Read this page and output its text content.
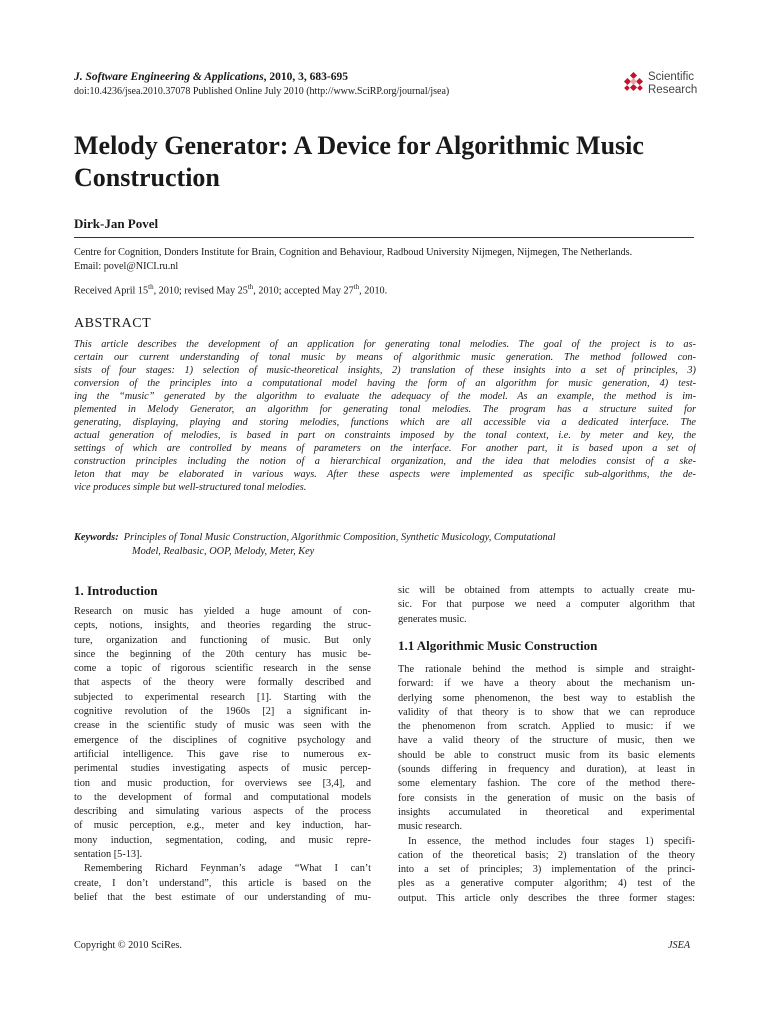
J. Software Engineering & Applications, 2010, 3, 683-695
doi:10.4236/jsea.2010.37078 Published Online July 2010 (http://www.SciRP.org/journal/jsea)
Scientific
Research
Melody Generator: A Device for Algorithmic Music Construction
Dirk-Jan Povel
Centre for Cognition, Donders Institute for Brain, Cognition and Behaviour, Radboud University Nijmegen, Nijmegen, The Netherlands.
Email: povel@NICI.ru.nl
Received April 15th, 2010; revised May 25th, 2010; accepted May 27th, 2010.
ABSTRACT
This article describes the development of an application for generating tonal melodies. The goal of the project is to as-
certain our current understanding of tonal music by means of algorithmic music generation. The method followed con-
sists of four stages: 1) selection of music-theoretical insights, 2) translation of these insights into a set of principles, 3)
conversion of the principles into a computational model having the form of an algorithm for music generation, 4) test-
ing the “music” generated by the algorithm to evaluate the adequacy of the model. As an example, the method is im-
plemented in Melody Generator, an algorithm for generating tonal melodies. The program has a structure suited for
generating, displaying, playing and storing melodies, functions which are all accessible via a dedicated interface. The
actual generation of melodies, is based in part on constraints imposed by the tonal context, i.e. by meter and key, the
settings of which are controlled by means of parameters on the interface. For another part, it is based upon a set of
construction principles including the notion of a hierarchical organization, and the idea that melodies consist of a ske-
leton that may be elaborated in various ways. After these aspects were implemented as specific sub-algorithms, the de-
vice produces simple but well-structured tonal melodies.
Keywords: Principles of Tonal Music Construction, Algorithmic Composition, Synthetic Musicology, Computational
Model, Realbasic, OOP, Melody, Meter, Key
1. Introduction
Research on music has yielded a huge amount of con-
cepts, notions, insights, and theories regarding the struc-
ture, organization and functioning of music. But only
since the beginning of the 20th century has music be-
come a topic of rigorous scientific research in the sense
that aspects of the theory were formally described and
subjected to experimental research [1]. Starting with the
cognitive revolution of the 1960s [2] a significant in-
crease in the scientific study of music was seen with the
emergence of the disciplines of cognitive psychology and
artificial intelligence. This gave rise to numerous ex-
perimental studies investigating aspects of music percep-
tion and music production, for overviews see [3,4], and
to the development of formal and computational models
describing and simulating various aspects of the process
of music perception, e.g., meter and key induction, har-
mony induction, segmentation, coding, and music repre-
sentation [5-13].
Remembering Richard Feynman’s adage “What I can’t
create, I don’t understand”, this article is based on the
belief that the best estimate of our understanding of mu-
sic will be obtained from attempts to actually create mu-
sic. For that purpose we need a computer algorithm that
generates music.
1.1 Algorithmic Music Construction
The rationale behind the method is simple and straight-
forward: if we have a theory about the mechanism un-
derlying some phenomenon, the best way to establish the
validity of that theory is to show that we can reproduce
the phenomenon from scratch. Applied to music: if we
have a valid theory of the structure of music, then we
should be able to construct music from its basic elements
(sounds differing in frequency and duration), at least in
some elementary fashion. The core of the method there-
fore consists in the generation of music on the basis of
insights accumulated in theoretical and experimental
music research.
In essence, the method includes four stages 1) specifi-
cation of the theoretical basis; 2) translation of the theory
into a set of principles; 3) implementation of the princi-
ples as a generative computer algorithm; 4) test of the
output. This article only describes the three former stages:
Copyright © 2010 SciRes.	JSEA
